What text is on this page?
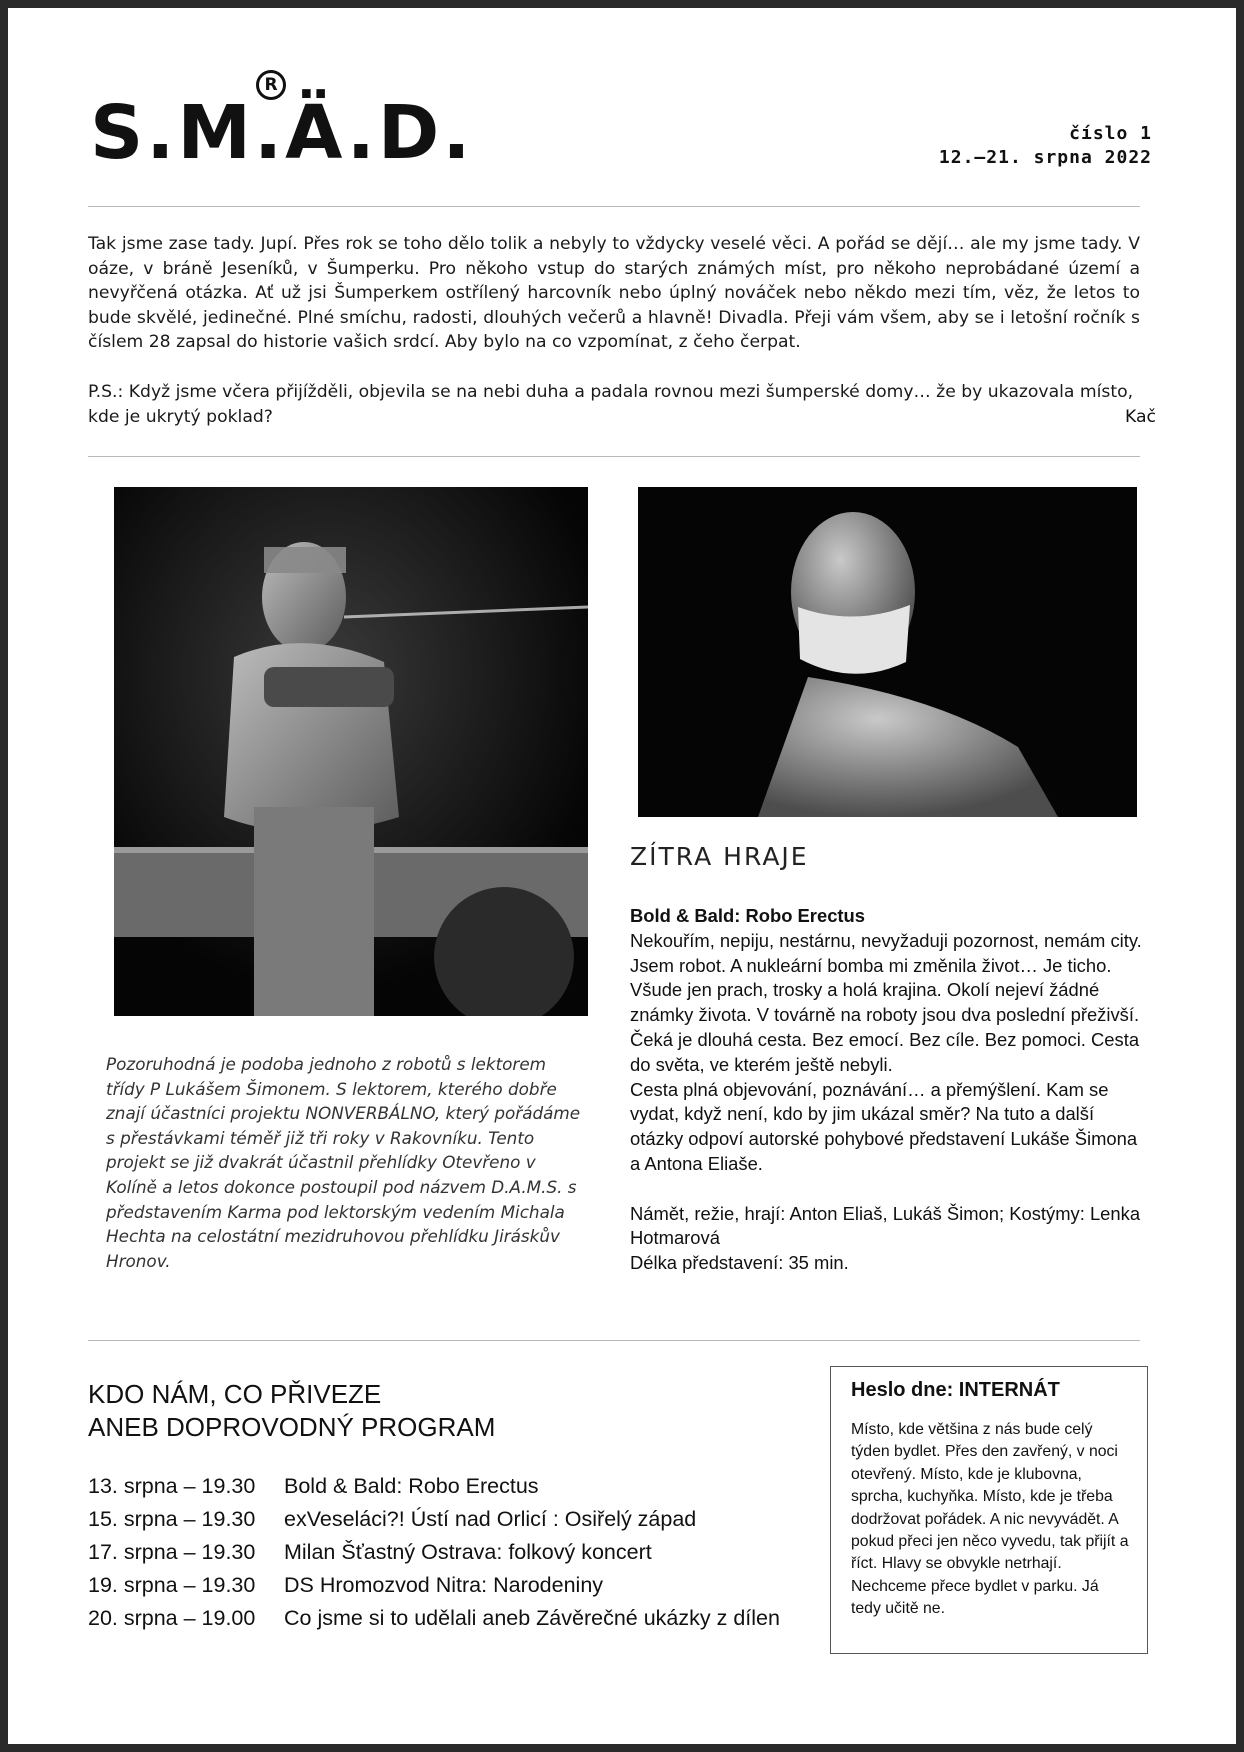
S.M.Ä.D.
R
číslo 1
12.–21. srpna 2022

Tak jsme zase tady. Jupí. Přes rok se toho dělo tolik a nebyly to vždycky veselé věci. A pořád se dějí… ale my jsme tady. V oáze, v bráně Jeseníků, v Šumperku. Pro někoho vstup do starých známých míst, pro někoho neprobádané území a nevyřčená otázka. Ať už jsi Šumperkem ostřílený harcovník nebo úplný nováček nebo někdo mezi tím, věz, že letos to bude skvělé, jedinečné. Plné smíchu, radosti, dlouhých večerů a hlavně! Divadla. Přeji vám všem, aby se i letošní ročník s číslem 28 zapsal do historie vašich srdcí. Aby bylo na co vzpomínat, z čeho čerpat.

P.S.: Když jsme včera přijížděli, objevila se na nebi duha a padala rovnou mezi šumperské domy… že by ukazovala místo, kde je ukrytý poklad?	Kač
Pozoruhodná je podoba jednoho z robotů s lektorem třídy P Lukášem Šimonem. S lektorem, kterého dobře znají účastníci projektu NONVERBÁLNO, který pořádáme s přestávkami téměř již tři roky v Rakovníku. Tento projekt se již dvakrát účastnil přehlídky Otevřeno v Kolíně a letos dokonce postoupil pod názvem D.A.M.S. s představením Karma pod lektorským vedením Michala Hechta na celostátní mezidruhovou přehlídku Jiráskův Hronov.
ZÍTRA HRAJE

Bold & Bald: Robo Erectus

Nekouřím, nepiju, nestárnu, nevyžaduji pozornost, nemám city. Jsem robot. A nukleární bomba mi změnila život… Je ticho. Všude jen prach, trosky a holá krajina. Okolí nejeví žádné známky života. V továrně na roboty jsou dva poslední přeživší. Čeká je dlouhá cesta. Bez emocí. Bez cíle. Bez pomoci. Cesta do světa, ve kterém ještě nebyli.

Cesta plná objevování, poznávání… a přemýšlení. Kam se vydat, když není, kdo by jim ukázal směr? Na tuto a další otázky odpoví autorské pohybové představení Lukáše Šimona a Antona Eliaše.

Námět, režie, hrají: Anton Eliaš, Lukáš Šimon; Kostýmy: Lenka Hotmarová

Délka představení: 35 min.

KDO NÁM, CO PŘIVEZE
ANEB DOPROVODNÝ PROGRAM
13. srpna – 19.30 Bold & Bald: Robo Erectus
15. srpna – 19.30 exVeseláci?! Ústí nad Orlicí : Osiřelý západ
17. srpna – 19.30 Milan Šťastný Ostrava: folkový koncert
19. srpna – 19.30 DS Hromozvod Nitra: Narodeniny
20. srpna – 19.00 Co jsme si to udělali aneb Závěrečné ukázky z dílen
Heslo dne: INTERNÁT
Místo, kde většina z nás bude celý týden bydlet. Přes den zavřený, v noci otevřený. Místo, kde je klubovna, sprcha, kuchyňka. Místo, kde je třeba dodržovat pořádek. A nic nevyvádět. A pokud přeci jen něco vyvedu, tak přijít a říct. Hlavy se obvykle netrhají. Nechceme přece bydlet v parku. Já tedy učitě ne.
